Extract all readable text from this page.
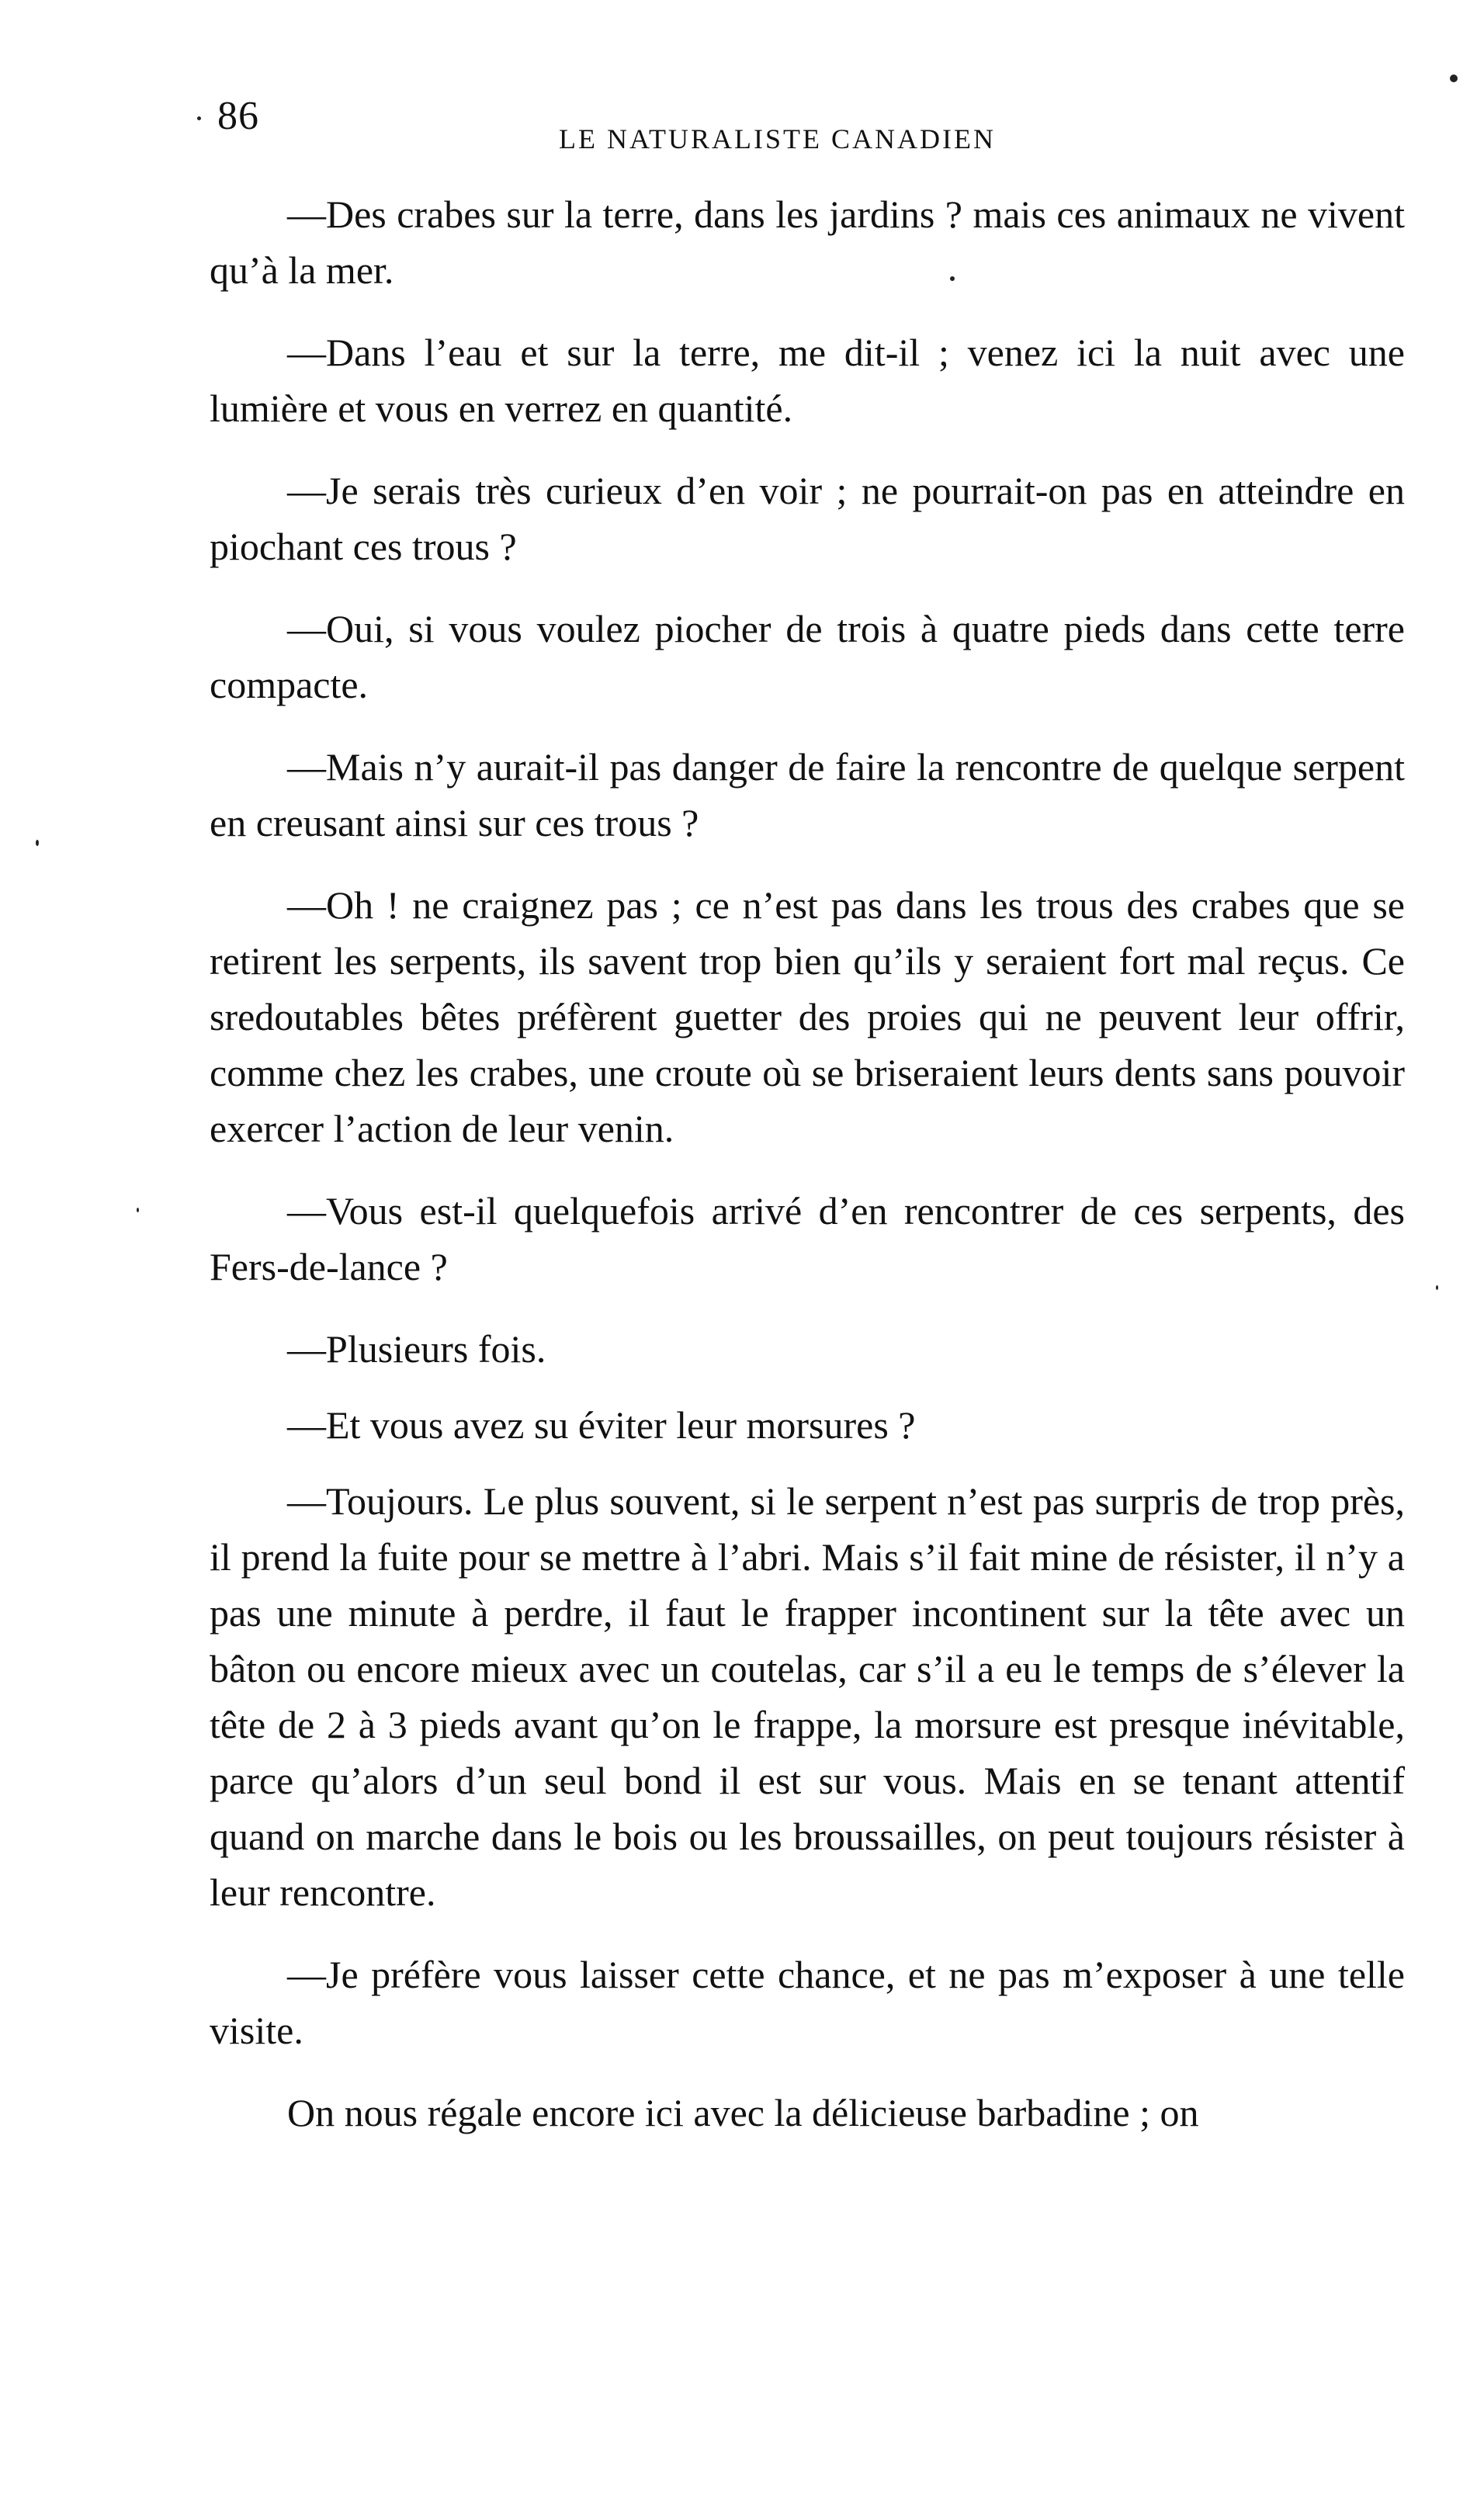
86
LE NATURALISTE CANADIEN

—Des crabes sur la terre, dans les jardins ? mais ces animaux ne vivent qu’à la mer.

—Dans l’eau et sur la terre, me dit-il ; venez ici la nuit avec une lumière et vous en verrez en quantité.

—Je serais très curieux d’en voir ; ne pourrait-on pas en atteindre en piochant ces trous ?

—Oui, si vous voulez piocher de trois à quatre pieds dans cette terre compacte.

—Mais n’y aurait-il pas danger de faire la rencontre de quelque serpent en creusant ainsi sur ces trous ?

—Oh ! ne craignez pas ; ce n’est pas dans les trous des crabes que se retirent les serpents, ils savent trop bien qu’ils y seraient fort mal reçus. Ce sredoutables bêtes préfèrent guetter des proies qui ne peuvent leur offrir, comme chez les crabes, une croute où se briseraient leurs dents sans pouvoir exercer l’action de leur venin.

—Vous est-il quelquefois arrivé d’en rencontrer de ces serpents, des Fers-de-lance ?

—Plusieurs fois.

—Et vous avez su éviter leur morsures ?

—Toujours. Le plus souvent, si le serpent n’est pas surpris de trop près, il prend la fuite pour se mettre à l’abri. Mais s’il fait mine de résister, il n’y a pas une minute à perdre, il faut le frapper incontinent sur la tête avec un bâton ou encore mieux avec un coutelas, car s’il a eu le temps de s’élever la tête de 2 à 3 pieds avant qu’on le frappe, la morsure est presque inévitable, parce qu’alors d’un seul bond il est sur vous. Mais en se tenant attentif quand on marche dans le bois ou les broussailles, on peut toujours résister à leur rencontre.

—Je préfère vous laisser cette chance, et ne pas m’exposer à une telle visite.

On nous régale encore ici avec la délicieuse barbadine ; on
